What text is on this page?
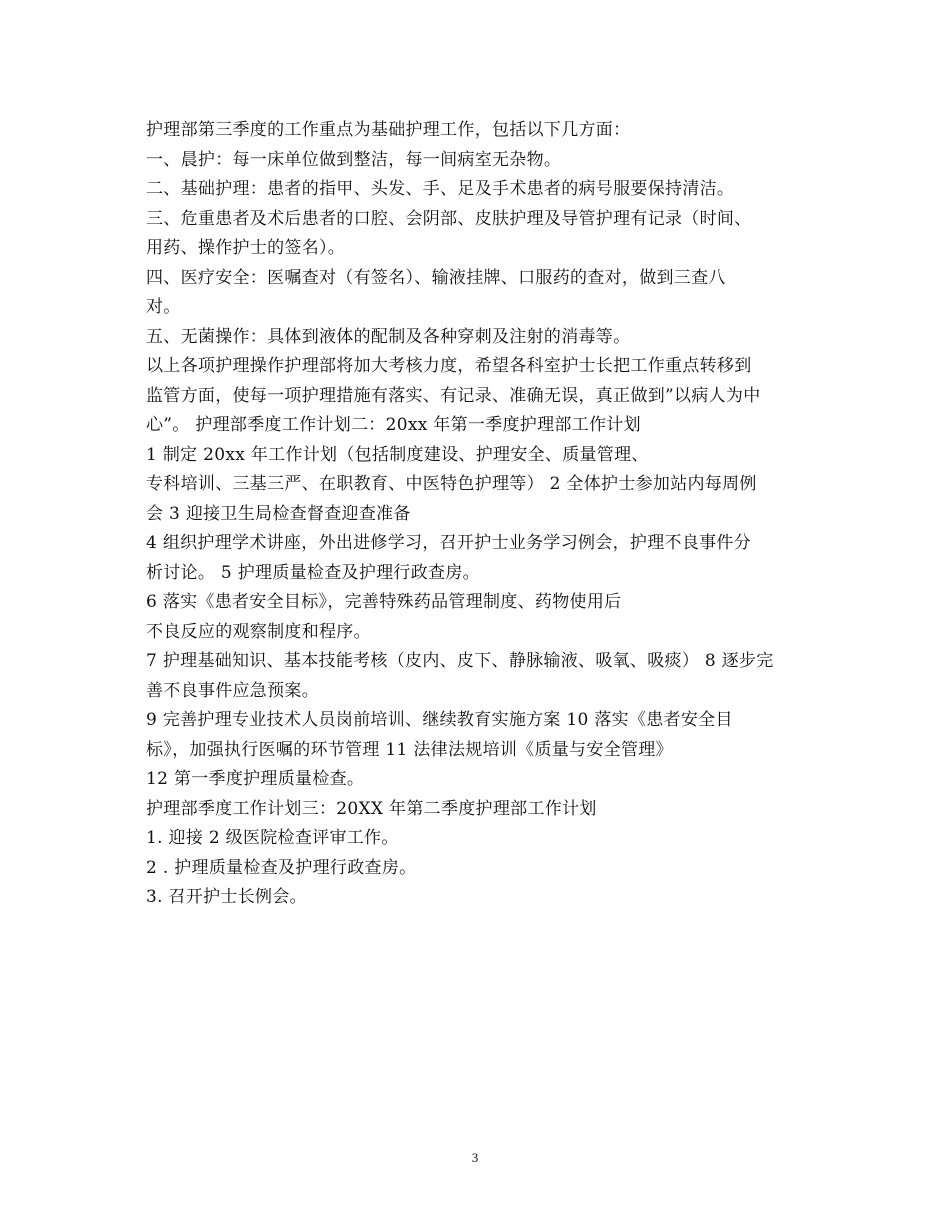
护理部第三季度的工作重点为基础护理工作，包括以下几方面：
一、晨护：每一床单位做到整洁，每一间病室无杂物。
二、基础护理：患者的指甲、头发、手、足及手术患者的病号服要保持清洁。
三、危重患者及术后患者的口腔、会阴部、皮肤护理及导管护理有记录（时间、
用药、操作护士的签名）。
四、医疗安全：医嘱查对（有签名）、输液挂牌、口服药的查对，做到三查八
对。
五、无菌操作：具体到液体的配制及各种穿刺及注射的消毒等。
以上各项护理操作护理部将加大考核力度，希望各科室护士长把工作重点转移到
监管方面，使每一项护理措施有落实、有记录、准确无误，真正做到”以病人为中
心”。 护理部季度工作计划二：20xx 年第一季度护理部工作计划
1 制定 20xx 年工作计划（包括制度建设、护理安全、质量管理、
专科培训、三基三严、在职教育、中医特色护理等） 2 全体护士参加站内每周例
会 3 迎接卫生局检查督查迎查准备
4 组织护理学术讲座，外出进修学习，召开护士业务学习例会，护理不良事件分
析讨论。 5 护理质量检查及护理行政查房。
6 落实《患者安全目标》，完善特殊药品管理制度、药物使用后
不良反应的观察制度和程序。
7 护理基础知识、基本技能考核（皮内、皮下、静脉输液、吸氧、吸痰） 8 逐步完
善不良事件应急预案。
9 完善护理专业技术人员岗前培训、继续教育实施方案 10 落实《患者安全目
标》，加强执行医嘱的环节管理 11 法律法规培训《质量与安全管理》
12 第一季度护理质量检查。
护理部季度工作计划三：20XX 年第二季度护理部工作计划
1. 迎接 2 级医院检查评审工作。
2 . 护理质量检查及护理行政查房。
3. 召开护士长例会。
3
